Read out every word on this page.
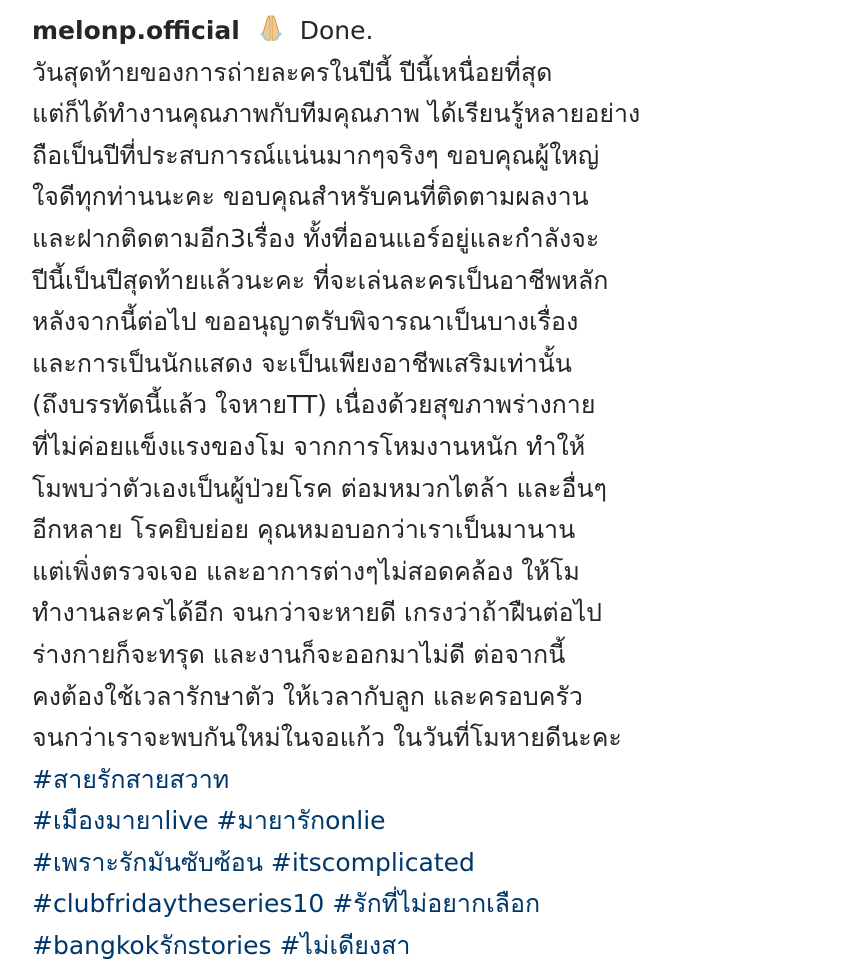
melonp.official Done.
วันสุดท้ายของการถ่ายละครในปีนี้ ปีนี้เหนื่อยที่สุด
แต่ก็ได้ทำงานคุณภาพกับทีมคุณภาพ ได้เรียนรู้หลายอย่าง
ถือเป็นปีที่ประสบการณ์แน่นมากๆจริงๆ ขอบคุณผู้ใหญ่
ใจดีทุกท่านนะคะ ขอบคุณสำหรับคนที่ติดตามผลงาน
และฝากติดตามอีก3เรื่อง ทั้งที่ออนแอร์อยู่และกำลังจะ
ปีนี้เป็นปีสุดท้ายแล้วนะคะ ที่จะเล่นละครเป็นอาชีพหลัก
หลังจากนี้ต่อไป ขออนุญาตรับพิจารณาเป็นบางเรื่อง
และการเป็นนักแสดง จะเป็นเพียงอาชีพเสริมเท่านั้น
(ถึงบรรทัดนี้แล้ว ใจหายTT) เนื่องด้วยสุขภาพร่างกาย
ที่ไม่ค่อยแข็งแรงของโม จากการโหมงานหนัก ทำให้
โมพบว่าตัวเองเป็นผู้ป่วยโรค ต่อมหมวกไตล้า และอื่นๆ
อีกหลาย โรคยิบย่อย คุณหมอบอกว่าเราเป็นมานาน
แต่เพิ่งตรวจเจอ และอาการต่างๆไม่สอดคล้อง ให้โม
ทำงานละครได้อีก จนกว่าจะหายดี เกรงว่าถ้าฝืนต่อไป
ร่างกายก็จะทรุด และงานก็จะออกมาไม่ดี ต่อจากนี้
คงต้องใช้เวลารักษาตัว ให้เวลากับลูก และครอบครัว
จนกว่าเราจะพบกันใหม่ในจอแก้ว ในวันที่โมหายดีนะคะ
#สายรักสายสวาท
#เมืองมายาlive #มายารักonlie
#เพราะรักมันซับซ้อน #itscomplicated
#clubfridaytheseries10 #รักที่ไม่อยากเลือก
#bangkokรักstories #ไม่เดียงสา
